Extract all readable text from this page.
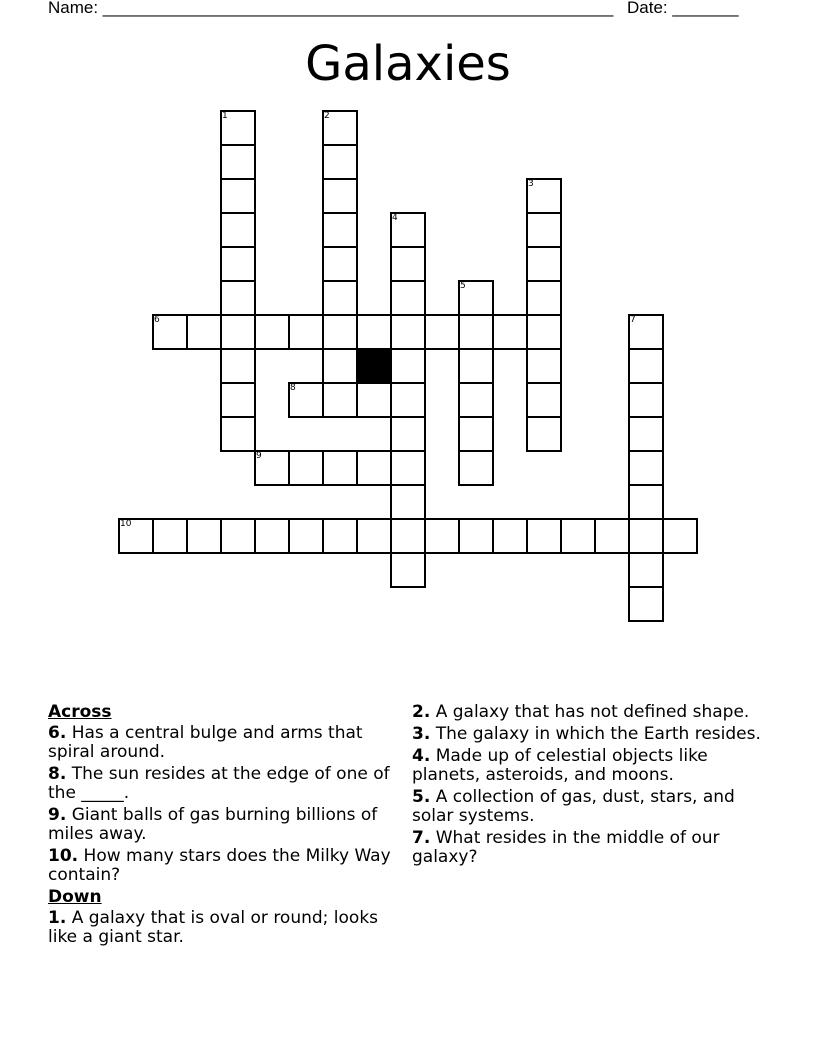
Name: ______________________________________________________ Date: _______
Galaxies
1	2
3
4
5
6	7
8
9
10
Across
6. Has a central bulge and arms that spiral around.
8. The sun resides at the edge of one of the _____.
9. Giant balls of gas burning billions of miles away.
10. How many stars does the Milky Way contain?
Down
1. A galaxy that is oval or round; looks like a giant star.
2. A galaxy that has not defined shape.
3. The galaxy in which the Earth resides.
4. Made up of celestial objects like planets, asteroids, and moons.
5. A collection of gas, dust, stars, and solar systems.
7. What resides in the middle of our galaxy?
